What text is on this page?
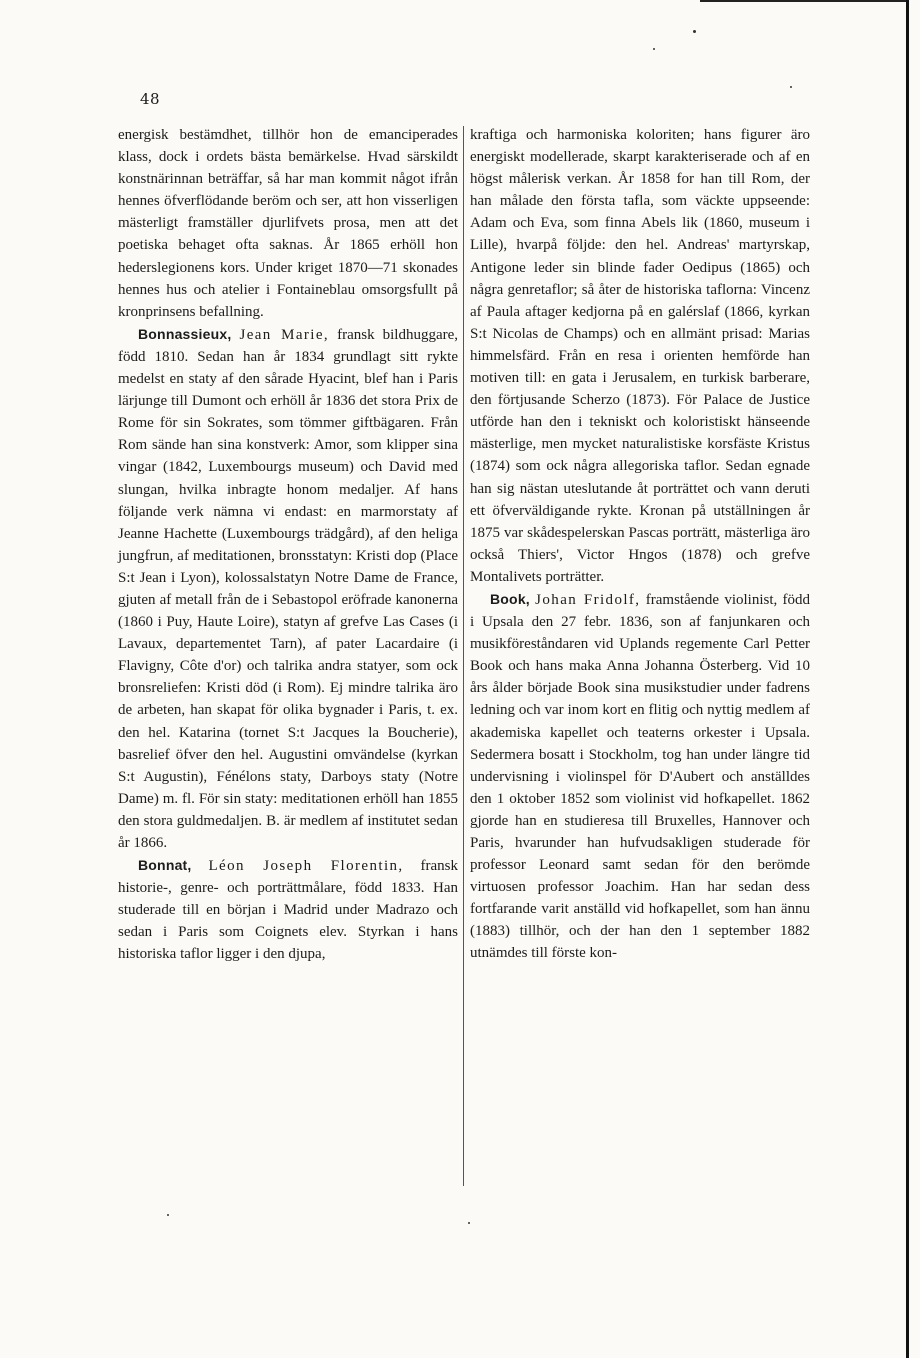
48

energisk bestämdhet, tillhör hon de emanciperades klass, dock i ordets bästa bemärkelse. Hvad särskildt konstnärinnan beträffar, så har man kommit något ifrån hennes öfverflödande beröm och ser, att hon visserligen mästerligt framställer djurlifvets prosa, men att det poetiska behaget ofta saknas. År 1865 erhöll hon hederslegionens kors. Under kriget 1870—71 skonades hennes hus och atelier i Fontaineblau omsorgsfullt på kronprinsens befallning.

Bonnassieux, Jean Marie, fransk bildhuggare, född 1810. Sedan han år 1834 grundlagt sitt rykte medelst en staty af den sårade Hyacint, blef han i Paris lärjunge till Dumont och erhöll år 1836 det stora Prix de Rome för sin Sokrates, som tömmer giftbägaren. Från Rom sände han sina konstverk: Amor, som klipper sina vingar (1842, Luxembourgs museum) och David med slungan, hvilka inbragte honom medaljer. Af hans följande verk nämna vi endast: en marmorstaty af Jeanne Hachette (Luxembourgs trädgård), af den heliga jungfrun, af meditationen, bronsstatyn: Kristi dop (Place S:t Jean i Lyon), kolossalstatyn Notre Dame de France, gjuten af metall från de i Sebastopol eröfrade kanonerna (1860 i Puy, Haute Loire), statyn af grefve Las Cases (i Lavaux, departementet Tarn), af pater Lacardaire (i Flavigny, Côte d'or) och talrika andra statyer, som ock bronsreliefen: Kristi död (i Rom). Ej mindre talrika äro de arbeten, han skapat för olika bygnader i Paris, t. ex. den hel. Katarina (tornet S:t Jacques la Boucherie), basrelief öfver den hel. Augustini omvändelse (kyrkan S:t Augustin), Fénélons staty, Darboys staty (Notre Dame) m. fl. För sin staty: meditationen erhöll han 1855 den stora guldmedaljen. B. är medlem af institutet sedan år 1866.

Bonnat, Léon Joseph Florentin, fransk historie-, genre- och porträttmålare, född 1833. Han studerade till en början i Madrid under Madrazo och sedan i Paris som Coignets elev. Styrkan i hans historiska taflor ligger i den djupa,

kraftiga och harmoniska koloriten; hans figurer äro energiskt modellerade, skarpt karakteriserade och af en högst målerisk verkan. År 1858 for han till Rom, der han målade den första tafla, som väckte uppseende: Adam och Eva, som finna Abels lik (1860, museum i Lille), hvarpå följde: den hel. Andreas' martyrskap, Antigone leder sin blinde fader Oedipus (1865) och några genretaflor; så åter de historiska taflorna: Vincenz af Paula aftager kedjorna på en galérslaf (1866, kyrkan S:t Nicolas de Champs) och en allmänt prisad: Marias himmelsfärd. Från en resa i orienten hemförde han motiven till: en gata i Jerusalem, en turkisk barberare, den förtjusande Scherzo (1873). För Palace de Justice utförde han den i tekniskt och koloristiskt hänseende mästerlige, men mycket naturalistiske korsfäste Kristus (1874) som ock några allegoriska taflor. Sedan egnade han sig nästan uteslutande åt porträttet och vann deruti ett öfverväldigande rykte. Kronan på utställningen år 1875 var skådespelerskan Pascas porträtt, mästerliga äro också Thiers', Victor Hngos (1878) och grefve Montalivets porträtter.

Book, Johan Fridolf, framstående violinist, född i Upsala den 27 febr. 1836, son af fanjunkaren och musikföreståndaren vid Uplands regemente Carl Petter Book och hans maka Anna Johanna Österberg. Vid 10 års ålder började Book sina musikstudier under fadrens ledning och var inom kort en flitig och nyttig medlem af akademiska kapellet och teaterns orkester i Upsala. Sedermera bosatt i Stockholm, tog han under längre tid undervisning i violinspel för D'Aubert och anställdes den 1 oktober 1852 som violinist vid hofkapellet. 1862 gjorde han en studieresa till Bruxelles, Hannover och Paris, hvarunder han hufvudsakligen studerade för professor Leonard samt sedan för den berömde virtuosen professor Joachim. Han har sedan dess fortfarande varit anställd vid hofkapellet, som han ännu (1883) tillhör, och der han den 1 september 1882 utnämdes till förste kon-
